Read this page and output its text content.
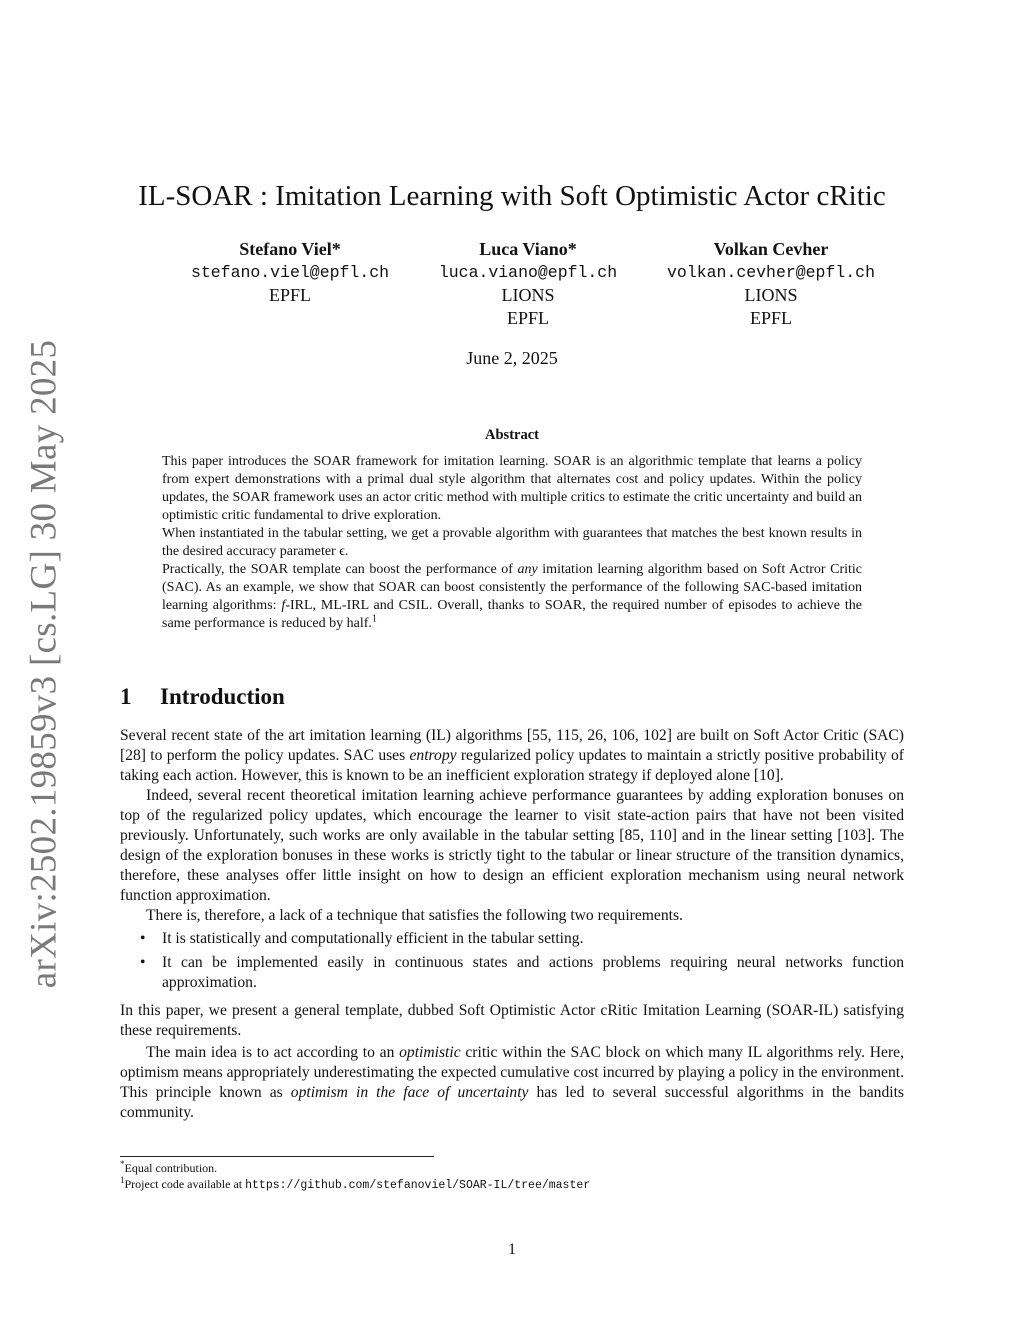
arXiv:2502.19859v3 [cs.LG] 30 May 2025
IL-SOAR : Imitation Learning with Soft Optimistic Actor cRitic
Stefano Viel*
stefano.viel@epfl.ch
EPFL
Luca Viano*
luca.viano@epfl.ch
LIONS
EPFL
Volkan Cevher
volkan.cevher@epfl.ch
LIONS
EPFL
June 2, 2025
Abstract

This paper introduces the SOAR framework for imitation learning. SOAR is an algorithmic template that learns a policy from expert demonstrations with a primal dual style algorithm that alternates cost and policy updates. Within the policy updates, the SOAR framework uses an actor critic method with multiple critics to estimate the critic uncertainty and build an optimistic critic fundamental to drive exploration.

When instantiated in the tabular setting, we get a provable algorithm with guarantees that matches the best known results in the desired accuracy parameter ϵ.

Practically, the SOAR template can boost the performance of any imitation learning algorithm based on Soft Actror Critic (SAC). As an example, we show that SOAR can boost consistently the performance of the following SAC-based imitation learning algorithms: f-IRL, ML-IRL and CSIL. Overall, thanks to SOAR, the required number of episodes to achieve the same performance is reduced by half.$^1$

1 Introduction

Several recent state of the art imitation learning (IL) algorithms [55, 115, 26, 106, 102] are built on Soft Actor Critic (SAC) [28] to perform the policy updates. SAC uses entropy regularized policy updates to maintain a strictly positive probability of taking each action. However, this is known to be an inefficient exploration strategy if deployed alone [10].

Indeed, several recent theoretical imitation learning achieve performance guarantees by adding exploration bonuses on top of the regularized policy updates, which encourage the learner to visit state-action pairs that have not been visited previously. Unfortunately, such works are only available in the tabular setting [85, 110] and in the linear setting [103]. The design of the exploration bonuses in these works is strictly tight to the tabular or linear structure of the transition dynamics, therefore, these analyses offer little insight on how to design an efficient exploration mechanism using neural network function approximation.

There is, therefore, a lack of a technique that satisfies the following two requirements.

• It is statistically and computationally efficient in the tabular setting.
• It can be implemented easily in continuous states and actions problems requiring neural networks function approximation.

In this paper, we present a general template, dubbed Soft Optimistic Actor cRitic Imitation Learning (SOAR-IL) satisfying these requirements.

The main idea is to act according to an optimistic critic within the SAC block on which many IL algorithms rely. Here, optimism means appropriately underestimating the expected cumulative cost incurred by playing a policy in the environment. This principle known as optimism in the face of uncertainty has led to several successful algorithms in the bandits community.

*Equal contribution.
$^1$Project code available at https://github.com/stefanoviel/SOAR-IL/tree/master
1
